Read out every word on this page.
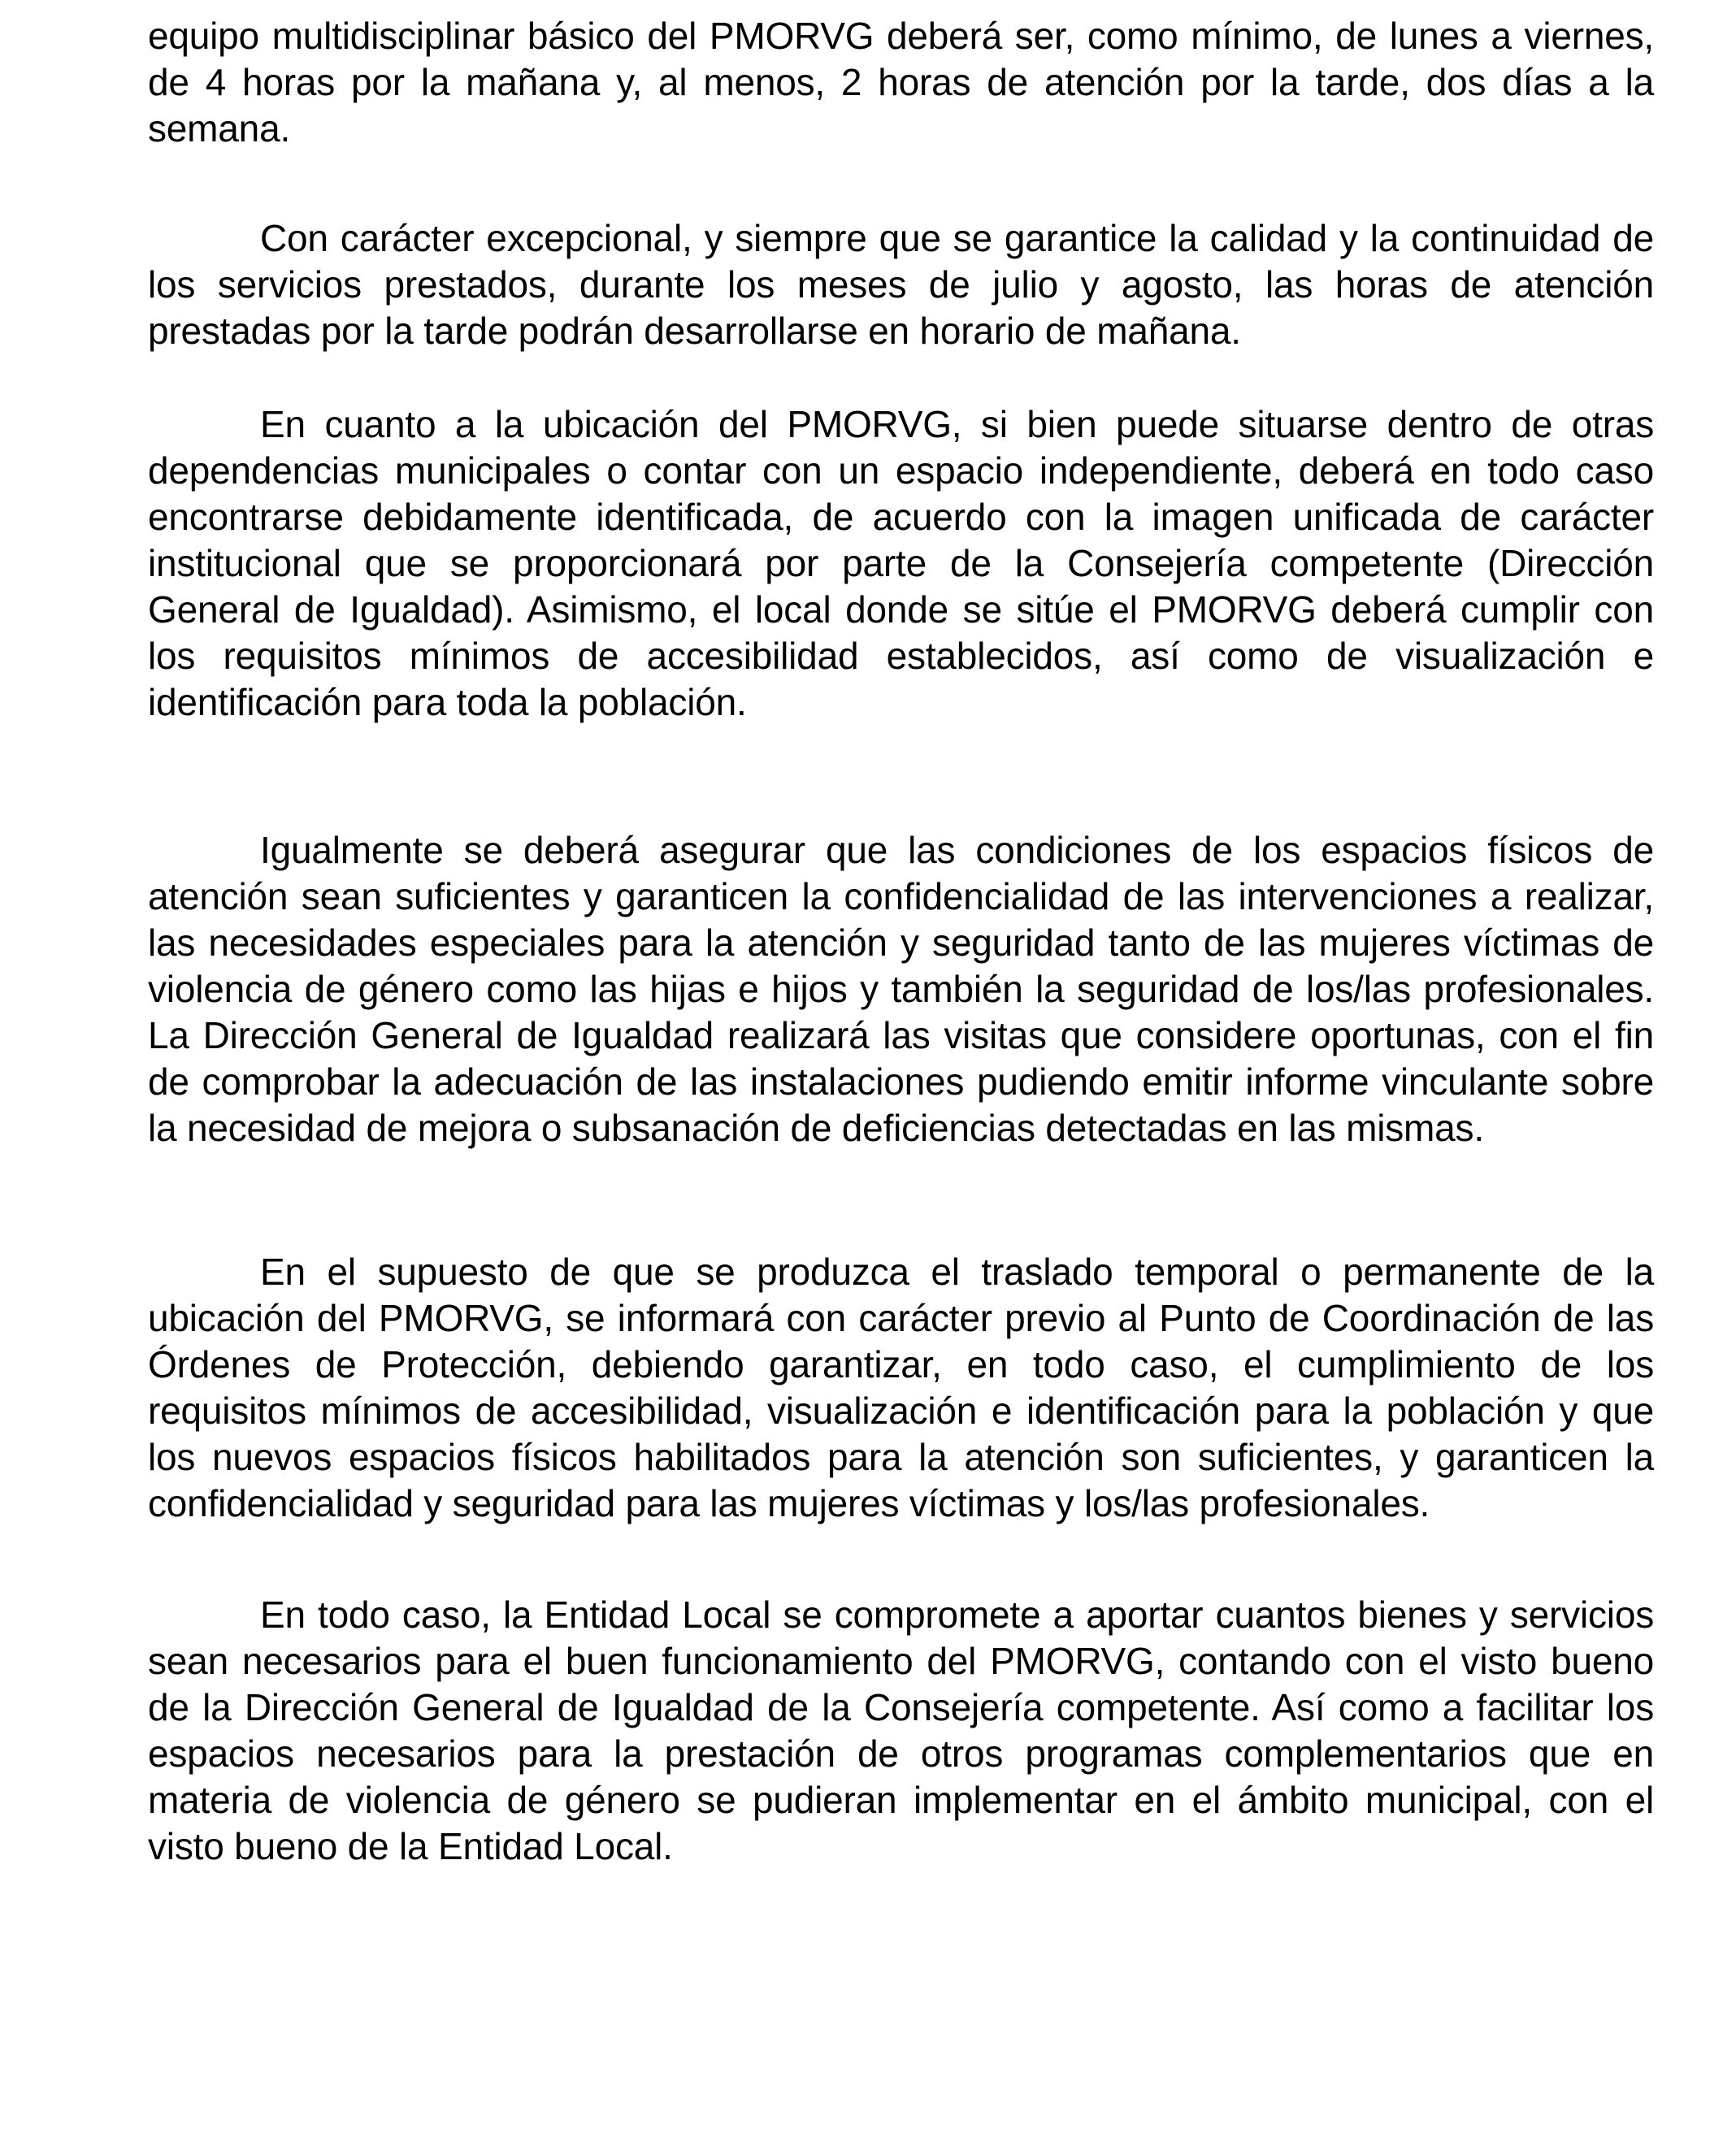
equipo multidisciplinar básico del PMORVG deberá ser, como mínimo, de lunes a viernes, de 4 horas por la mañana y, al menos, 2 horas de atención por la tarde, dos días a la semana.

Con carácter excepcional, y siempre que se garantice la calidad y la continuidad de los servicios prestados, durante los meses de julio y agosto, las horas de atención prestadas por la tarde podrán desarrollarse en horario de mañana.

En cuanto a la ubicación del PMORVG, si bien puede situarse dentro de otras dependencias municipales o contar con un espacio independiente, deberá en todo caso encontrarse debidamente identificada, de acuerdo con la imagen unificada de carácter institucional que se proporcionará por parte de la Consejería competente (Dirección General de Igualdad). Asimismo, el local donde se sitúe el PMORVG deberá cumplir con los requisitos mínimos de accesibilidad establecidos, así como de visualización e identificación para toda la población.

Igualmente se deberá asegurar que las condiciones de los espacios físicos de atención sean suficientes y garanticen la confidencialidad de las intervenciones a realizar, las necesidades especiales para la atención y seguridad tanto de las mujeres víctimas de violencia de género como las hijas e hijos y también la seguridad de los/las profesionales. La Dirección General de Igualdad realizará las visitas que considere oportunas, con el fin de comprobar la adecuación de las instalaciones pudiendo emitir informe vinculante sobre la necesidad de mejora o subsanación de deficiencias detectadas en las mismas.

En el supuesto de que se produzca el traslado temporal o permanente de la ubicación del PMORVG, se informará con carácter previo al Punto de Coordinación de las Órdenes de Protección, debiendo garantizar, en todo caso, el cumplimiento de los requisitos mínimos de accesibilidad, visualización e identificación para la población y que los nuevos espacios físicos habilitados para la atención son suficientes, y garanticen la confidencialidad y seguridad para las mujeres víctimas y los/las profesionales.

En todo caso, la Entidad Local se compromete a aportar cuantos bienes y servicios sean necesarios para el buen funcionamiento del PMORVG, contando con el visto bueno de la Dirección General de Igualdad de la Consejería competente. Así como a facilitar los espacios necesarios para la prestación de otros programas complementarios que en materia de violencia de género se pudieran implementar en el ámbito municipal, con el visto bueno de la Entidad Local.
